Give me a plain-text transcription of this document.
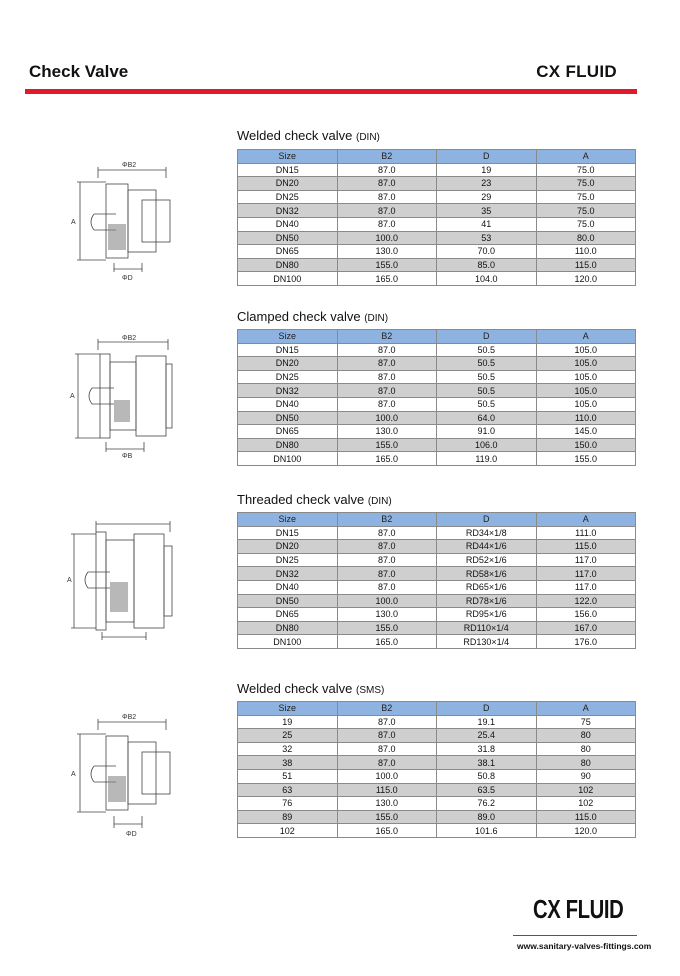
Check Valve	CX FLUID
Welded check valve (DIN)
ΦB2
ΦD
A
Size	B2	D	A
DN15	87.0	19	75.0
DN20	87.0	23	75.0
DN25	87.0	29	75.0
DN32	87.0	35	75.0
DN40	87.0	41	75.0
DN50	100.0	53	80.0
DN65	130.0	70.0	110.0
DN80	155.0	85.0	115.0
DN100	165.0	104.0	120.0
Clamped check valve (DIN)
ΦB2
ΦB
A
Size	B2	D	A
DN15	87.0	50.5	105.0
DN20	87.0	50.5	105.0
DN25	87.0	50.5	105.0
DN32	87.0	50.5	105.0
DN40	87.0	50.5	105.0
DN50	100.0	64.0	110.0
DN65	130.0	91.0	145.0
DN80	155.0	106.0	150.0
DN100	165.0	119.0	155.0
Threaded check valve (DIN)
A
Size	B2	D	A
DN15	87.0	RD34×1/8	111.0
DN20	87.0	RD44×1/6	115.0
DN25	87.0	RD52×1/6	117.0
DN32	87.0	RD58×1/6	117.0
DN40	87.0	RD65×1/6	117.0
DN50	100.0	RD78×1/6	122.0
DN65	130.0	RD95×1/6	156.0
DN80	155.0	RD110×1/4	167.0
DN100	165.0	RD130×1/4	176.0
Welded check valve (SMS)
ΦB2
ΦD
A
Size	B2	D	A
19	87.0	19.1	75
25	87.0	25.4	80
32	87.0	31.8	80
38	87.0	38.1	80
51	100.0	50.8	90
63	115.0	63.5	102
76	130.0	76.2	102
89	155.0	89.0	115.0
102	165.0	101.6	120.0
CX FLUID
www.sanitary-valves-fittings.com
